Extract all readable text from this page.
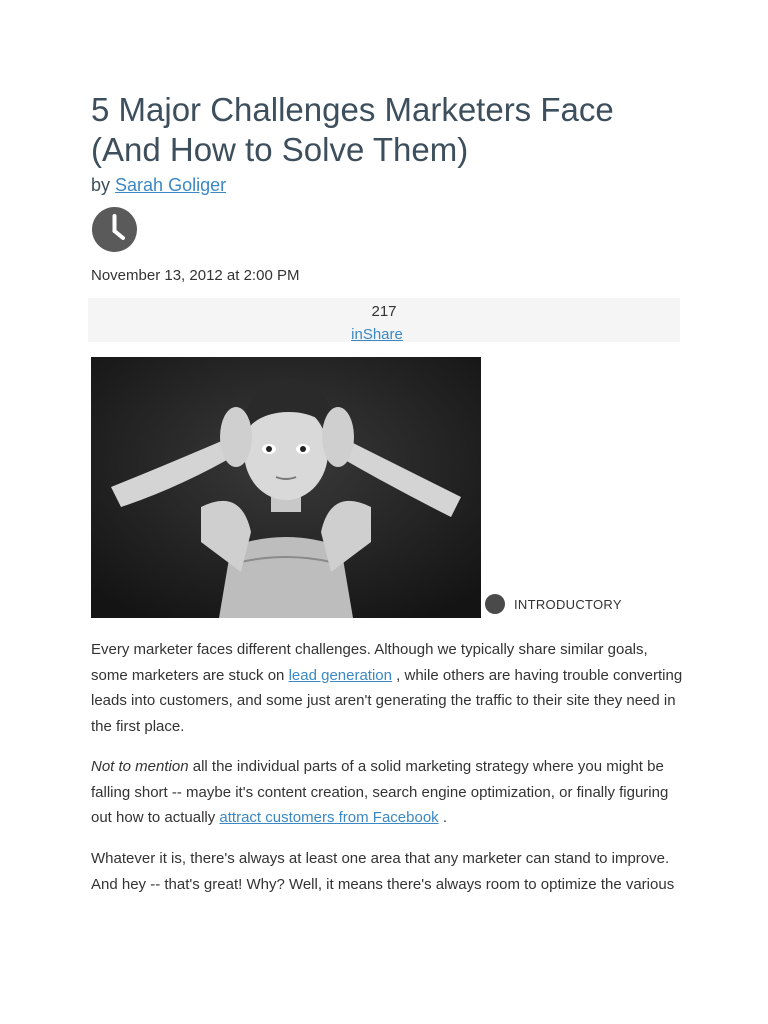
5 Major Challenges Marketers Face (And How to Solve Them)
by Sarah Goliger
November 13, 2012 at 2:00 PM
217
inShare
INTRODUCTORY

Every marketer faces different challenges. Although we typically share similar goals, some marketers are stuck on lead generation , while others are having trouble converting leads into customers, and some just aren't generating the traffic to their site they need in the first place.

Not to mention all the individual parts of a solid marketing strategy where you might be falling short -- maybe it's content creation, search engine optimization, or finally figuring out how to actually attract customers from Facebook .

Whatever it is, there's always at least one area that any marketer can stand to improve. And hey -- that's great! Why? Well, it means there's always room to optimize the various
